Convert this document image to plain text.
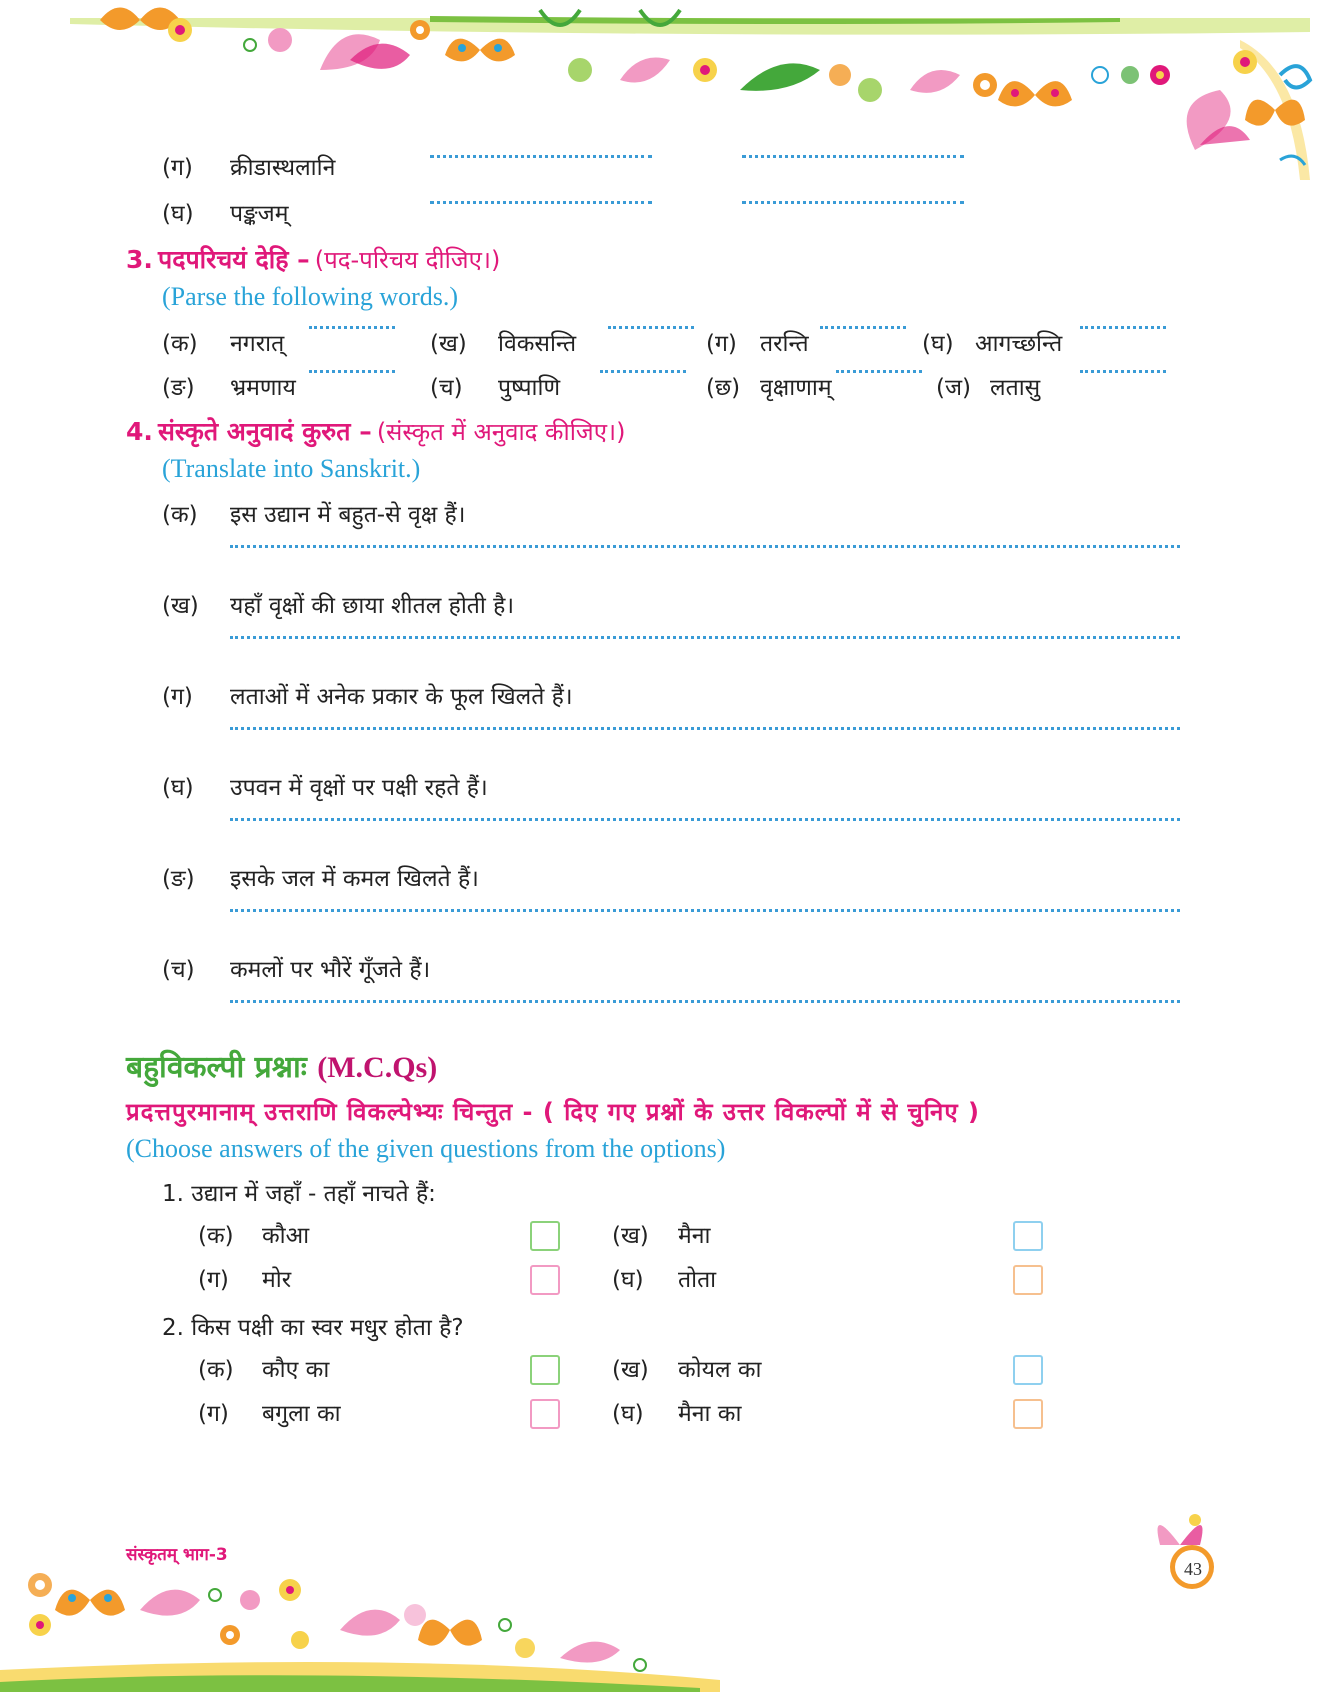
(ग) क्रीडास्थलानि
(घ) पङ्कजम्
3. पदपरिचयं देहि – (पद-परिचय दीजिए।)
(Parse the following words.)
(क) नगरात्	(ख) विकसन्ति	(ग) तरन्ति	(घ) आगच्छन्ति
(ङ) भ्रमणाय	(च) पुष्पाणि	(छ) वृक्षाणाम्	(ज) लतासु
4. संस्कृते अनुवादं कुरुत – (संस्कृत में अनुवाद कीजिए।)
(Translate into Sanskrit.)
(क) इस उद्यान में बहुत-से वृक्ष हैं।
(ख) यहाँ वृक्षों की छाया शीतल होती है।
(ग) लताओं में अनेक प्रकार के फूल खिलते हैं।
(घ) उपवन में वृक्षों पर पक्षी रहते हैं।
(ङ) इसके जल में कमल खिलते हैं।
(च) कमलों पर भौरें गूँजते हैं।
बहुविकल्पी प्रश्नाः (M.C.Qs)
प्रदत्तपुरमानाम् उत्तराणि विकल्पेभ्यः चिन्तुत - ( दिए गए प्रश्नों के उत्तर विकल्पों में से चुनिए )
(Choose answers of the given questions from the options)
1. उद्यान में जहाँ - तहाँ नाचते हैं:
(क) कौआ	(ख) मैना
(ग) मोर	(घ) तोता
2. किस पक्षी का स्वर मधुर होता है?
(क) कौए का	(ख) कोयल का
(ग) बगुला का	(घ) मैना का
संस्कृतम् भाग-3
43
